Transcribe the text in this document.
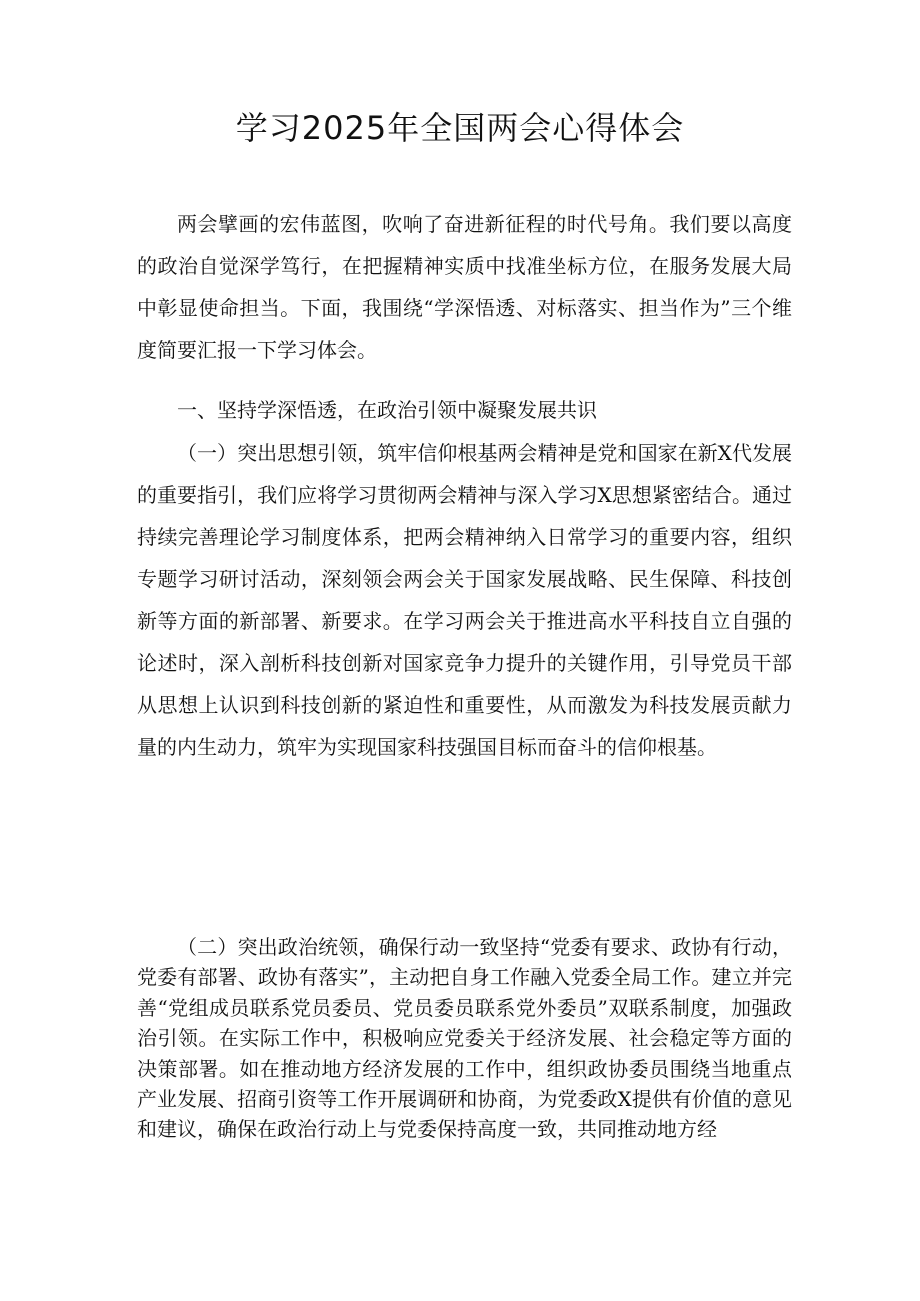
学习2025年全国两会心得体会

两会擘画的宏伟蓝图，吹响了奋进新征程的时代号角。我们要以高度的政治自觉深学笃行，在把握精神实质中找准坐标方位，在服务发展大局中彰显使命担当。下面，我围绕“学深悟透、对标落实、担当作为”三个维度简要汇报一下学习体会。

一、坚持学深悟透，在政治引领中凝聚发展共识

（一）突出思想引领，筑牢信仰根基两会精神是党和国家在新X代发展的重要指引，我们应将学习贯彻两会精神与深入学习X思想紧密结合。通过持续完善理论学习制度体系，把两会精神纳入日常学习的重要内容，组织专题学习研讨活动，深刻领会两会关于国家发展战略、民生保障、科技创新等方面的新部署、新要求。在学习两会关于推进高水平科技自立自强的论述时，深入剖析科技创新对国家竞争力提升的关键作用，引导党员干部从思想上认识到科技创新的紧迫性和重要性，从而激发为科技发展贡献力量的内生动力，筑牢为实现国家科技强国目标而奋斗的信仰根基。

（二）突出政治统领，确保行动一致坚持“党委有要求、政协有行动，党委有部署、政协有落实”，主动把自身工作融入党委全局工作。建立并完善“党组成员联系党员委员、党员委员联系党外委员”双联系制度，加强政治引领。在实际工作中，积极响应党委关于经济发展、社会稳定等方面的决策部署。如在推动地方经济发展的工作中，组织政协委员围绕当地重点产业发展、招商引资等工作开展调研和协商，为党委政X提供有价值的意见和建议，确保在政治行动上与党委保持高度一致，共同推动地方经
